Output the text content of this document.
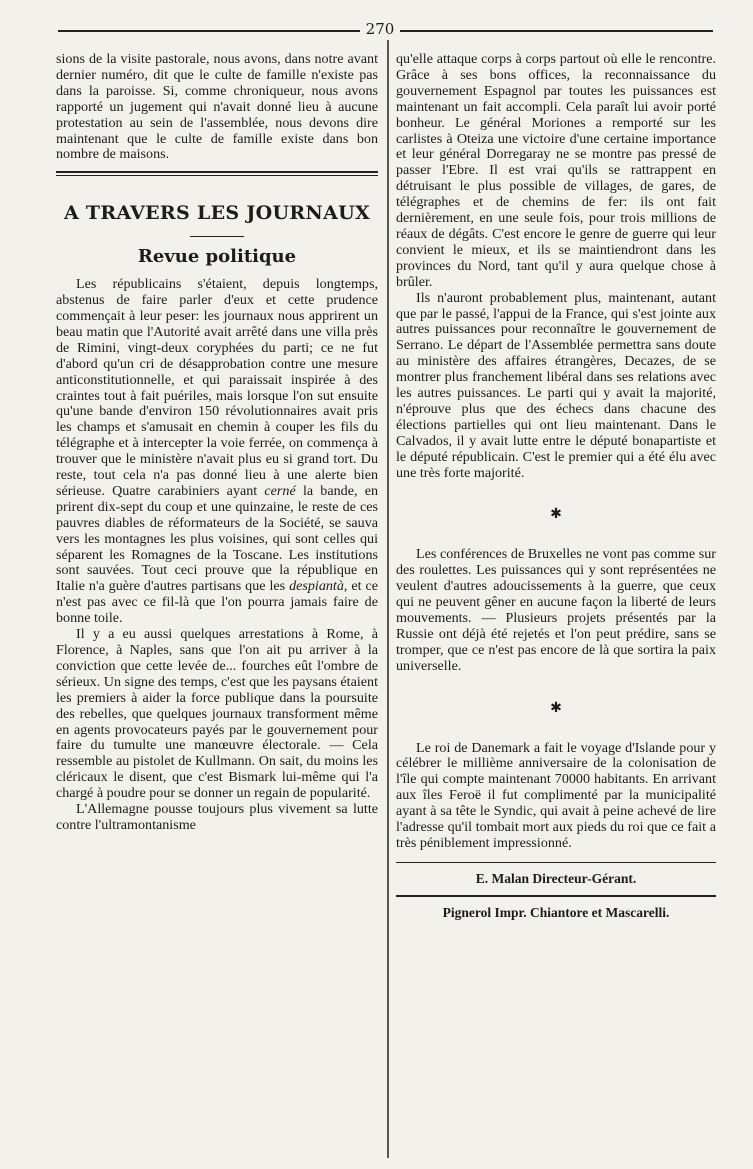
270

sions de la visite pastorale, nous avons, dans notre avant dernier numéro, dit que le culte de famille n'existe pas dans la paroisse. Si, comme chroniqueur, nous avons rapporté un jugement qui n'avait donné lieu à aucune protestation au sein de l'assemblée, nous devons dire maintenant que le culte de famille existe dans bon nombre de maisons.

A TRAVERS LES JOURNAUX
Revue politique

Les républicains s'étaient, depuis longtemps, abstenus de faire parler d'eux et cette prudence commençait à leur peser: les journaux nous apprirent un beau matin que l'Autorité avait arrêté dans une villa près de Rimini, vingt-deux coryphées du parti; ce ne fut d'abord qu'un cri de désapprobation contre une mesure anticonstitutionnelle, et qui paraissait inspirée à des craintes tout à fait puériles, mais lorsque l'on sut ensuite qu'une bande d'environ 150 révolutionnaires avait pris les champs et s'amusait en chemin à couper les fils du télégraphe et à intercepter la voie ferrée, on commença à trouver que le ministère n'avait plus eu si grand tort. Du reste, tout cela n'a pas donné lieu à une alerte bien sérieuse. Quatre carabiniers ayant cerné la bande, en prirent dix-sept du coup et une quinzaine, le reste de ces pauvres diables de réformateurs de la Société, se sauva vers les montagnes les plus voisines, qui sont celles qui séparent les Romagnes de la Toscane. Les institutions sont sauvées. Tout ceci prouve que la république en Italie n'a guère d'autres partisans que les despiantà, et ce n'est pas avec ce fil-là que l'on pourra jamais faire de bonne toile.

Il y a eu aussi quelques arrestations à Rome, à Florence, à Naples, sans que l'on ait pu arriver à la conviction que cette levée de... fourches eût l'ombre de sérieux. Un signe des temps, c'est que les paysans étaient les premiers à aider la force publique dans la poursuite des rebelles, que quelques journaux transforment même en agents provocateurs payés par le gouvernement pour faire du tumulte une manœuvre électorale. — Cela ressemble au pistolet de Kullmann. On sait, du moins les cléricaux le disent, que c'est Bismark lui-même qui l'a chargé à poudre pour se donner un regain de popularité.

L'Allemagne pousse toujours plus vivement sa lutte contre l'ultramontanisme

qu'elle attaque corps à corps partout où elle le rencontre. Grâce à ses bons offices, la reconnaissance du gouvernement Espagnol par toutes les puissances est maintenant un fait accompli. Cela paraît lui avoir porté bonheur. Le général Moriones a remporté sur les carlistes à Oteiza une victoire d'une certaine importance et leur général Dorregaray ne se montre pas pressé de passer l'Ebre. Il est vrai qu'ils se rattrappent en détruisant le plus possible de villages, de gares, de télégraphes et de chemins de fer: ils ont fait dernièrement, en une seule fois, pour trois millions de réaux de dégâts. C'est encore le genre de guerre qui leur convient le mieux, et ils se maintiendront dans les provinces du Nord, tant qu'il y aura quelque chose à brûler.

Ils n'auront probablement plus, maintenant, autant que par le passé, l'appui de la France, qui s'est jointe aux autres puissances pour reconnaître le gouvernement de Serrano. Le départ de l'Assemblée permettra sans doute au ministère des affaires étrangères, Decazes, de se montrer plus franchement libéral dans ses relations avec les autres puissances. Le parti qui y avait la majorité, n'éprouve plus que des échecs dans chacune des élections partielles qui ont lieu maintenant. Dans le Calvados, il y avait lutte entre le député bonapartiste et le député républicain. C'est le premier qui a été élu avec une très forte majorité.

✱

Les conférences de Bruxelles ne vont pas comme sur des roulettes. Les puissances qui y sont représentées ne veulent d'autres adoucissements à la guerre, que ceux qui ne peuvent gêner en aucune façon la liberté de leurs mouvements. — Plusieurs projets présentés par la Russie ont déjà été rejetés et l'on peut prédire, sans se tromper, que ce n'est pas encore de là que sortira la paix universelle.

✱

Le roi de Danemark a fait le voyage d'Islande pour y célébrer le millième anniversaire de la colonisation de l'île qui compte maintenant 70000 habitants. En arrivant aux îles Feroë il fut complimenté par la municipalité ayant à sa tête le Syndic, qui avait à peine achevé de lire l'adresse qu'il tombait mort aux pieds du roi que ce fait a très péniblement impressionné.

E. Malan Directeur-Gérant.
Pignerol Impr. Chiantore et Mascarelli.
